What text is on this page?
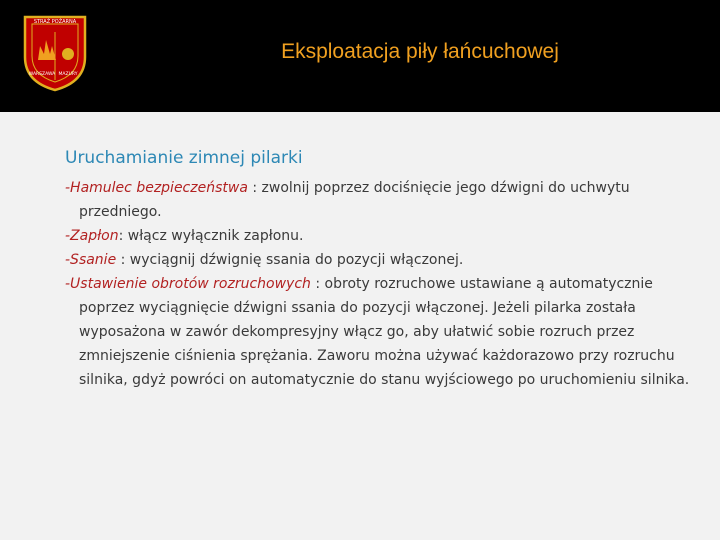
STRAŻ POŻARNA
WARSZAWA MAZURY
Eksploatacja piły łańcuchowej
Uruchamianie zimnej pilarki
-Hamulec bezpieczeństwa : zwolnij poprzez dociśnięcie jego dźwigni do uchwytu przedniego.
-Zapłon: włącz wyłącznik zapłonu.
-Ssanie : wyciągnij dźwignię ssania do pozycji włączonej.
-Ustawienie obrotów rozruchowych : obroty rozruchowe ustawiane ą automatycznie poprzez wyciągnięcie dźwigni ssania do pozycji włączonej. Jeżeli pilarka została wyposażona w zawór dekompresyjny włącz go, aby ułatwić sobie rozruch przez zmniejszenie ciśnienia sprężania. Zaworu można używać każdorazowo przy rozruchu silnika, gdyż powróci on automatycznie do stanu wyjściowego po uruchomieniu silnika.
